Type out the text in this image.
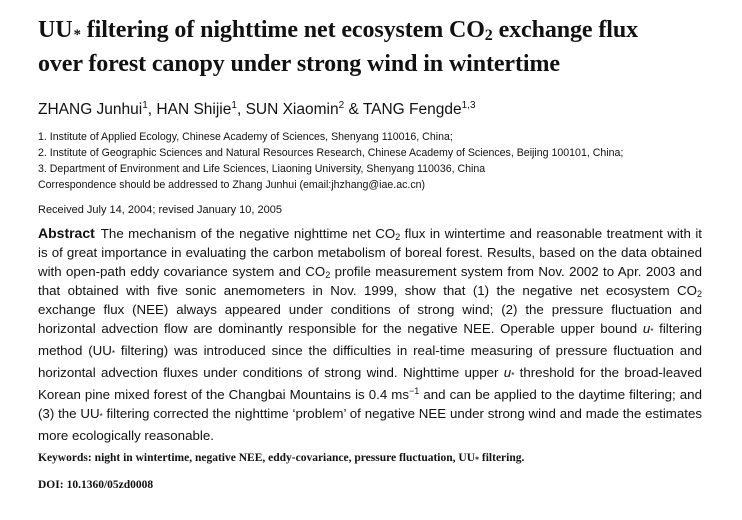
UU* filtering of nighttime net ecosystem $CO_2$ exchange flux
over forest canopy under strong wind in wintertime
ZHANG Junhui$^1$, HAN Shijie$^1$, SUN Xiaomin$^2$ & TANG Fengde$^{1,3}$
1. Institute of Applied Ecology, Chinese Academy of Sciences, Shenyang 110016, China;
2. Institute of Geographic Sciences and Natural Resources Research, Chinese Academy of Sciences, Beijing 100101, China;
3. Department of Environment and Life Sciences, Liaoning University, Shenyang 110036, China
Correspondence should be addressed to Zhang Junhui (email:jhzhang@iae.ac.cn)
Received July 14, 2004; revised January 10, 2005
Abstract The mechanism of the negative nighttime net $CO_2$ flux in wintertime and reasonable treatment with it is of great importance in evaluating the carbon metabolism of boreal forest. Results, based on the data obtained with open-path eddy covariance system and $CO_2$ profile measurement system from Nov. 2002 to Apr. 2003 and that obtained with five sonic anemometers in Nov. 1999, show that (1) the negative net ecosystem $CO_2$ exchange flux (NEE) always appeared under conditions of strong wind; (2) the pressure fluctuation and horizontal advection flow are dominantly responsible for the negative NEE. Operable upper bound u* filtering method (UU* filtering) was introduced since the difficulties in real-time measuring of pressure fluctuation and horizontal advection fluxes under conditions of strong wind. Nighttime upper u* threshold for the broad-leaved Korean pine mixed forest of the Changbai Mountains is 0.4 $ms^{-1}$ and can be applied to the daytime filtering; and (3) the UU* filtering corrected the nighttime ‘problem’ of negative NEE under strong wind and made the estimates more ecologically reasonable.
Keywords: night in wintertime, negative NEE, eddy-covariance, pressure fluctuation, UU* filtering.
DOI: 10.1360/05zd0008
